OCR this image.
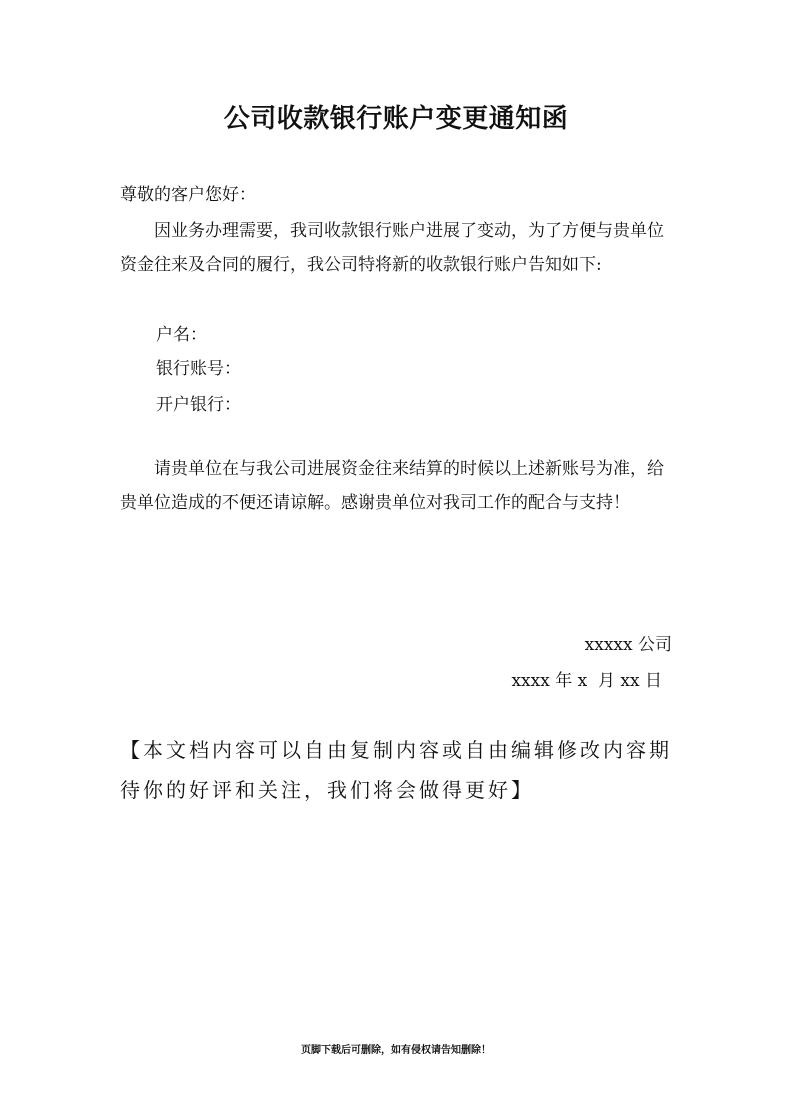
公司收款银行账户变更通知函
尊敬的客户您好：
因业务办理需要，我司收款银行账户进展了变动，为了方便与贵单位资金往来及合同的履行，我公司特将新的收款银行账户告知如下:
户名：
银行账号：
开户银行：
请贵单位在与我公司进展资金往来结算的时候以上述新账号为准，给贵单位造成的不便还请谅解。感谢贵单位对我司工作的配合与支持！
xxxxx 公司
xxxx 年 x  月 xx 日
【本文档内容可以自由复制内容或自由编辑修改内容期待你的好评和关注，我们将会做得更好】
页脚下载后可删除，如有侵权请告知删除！
